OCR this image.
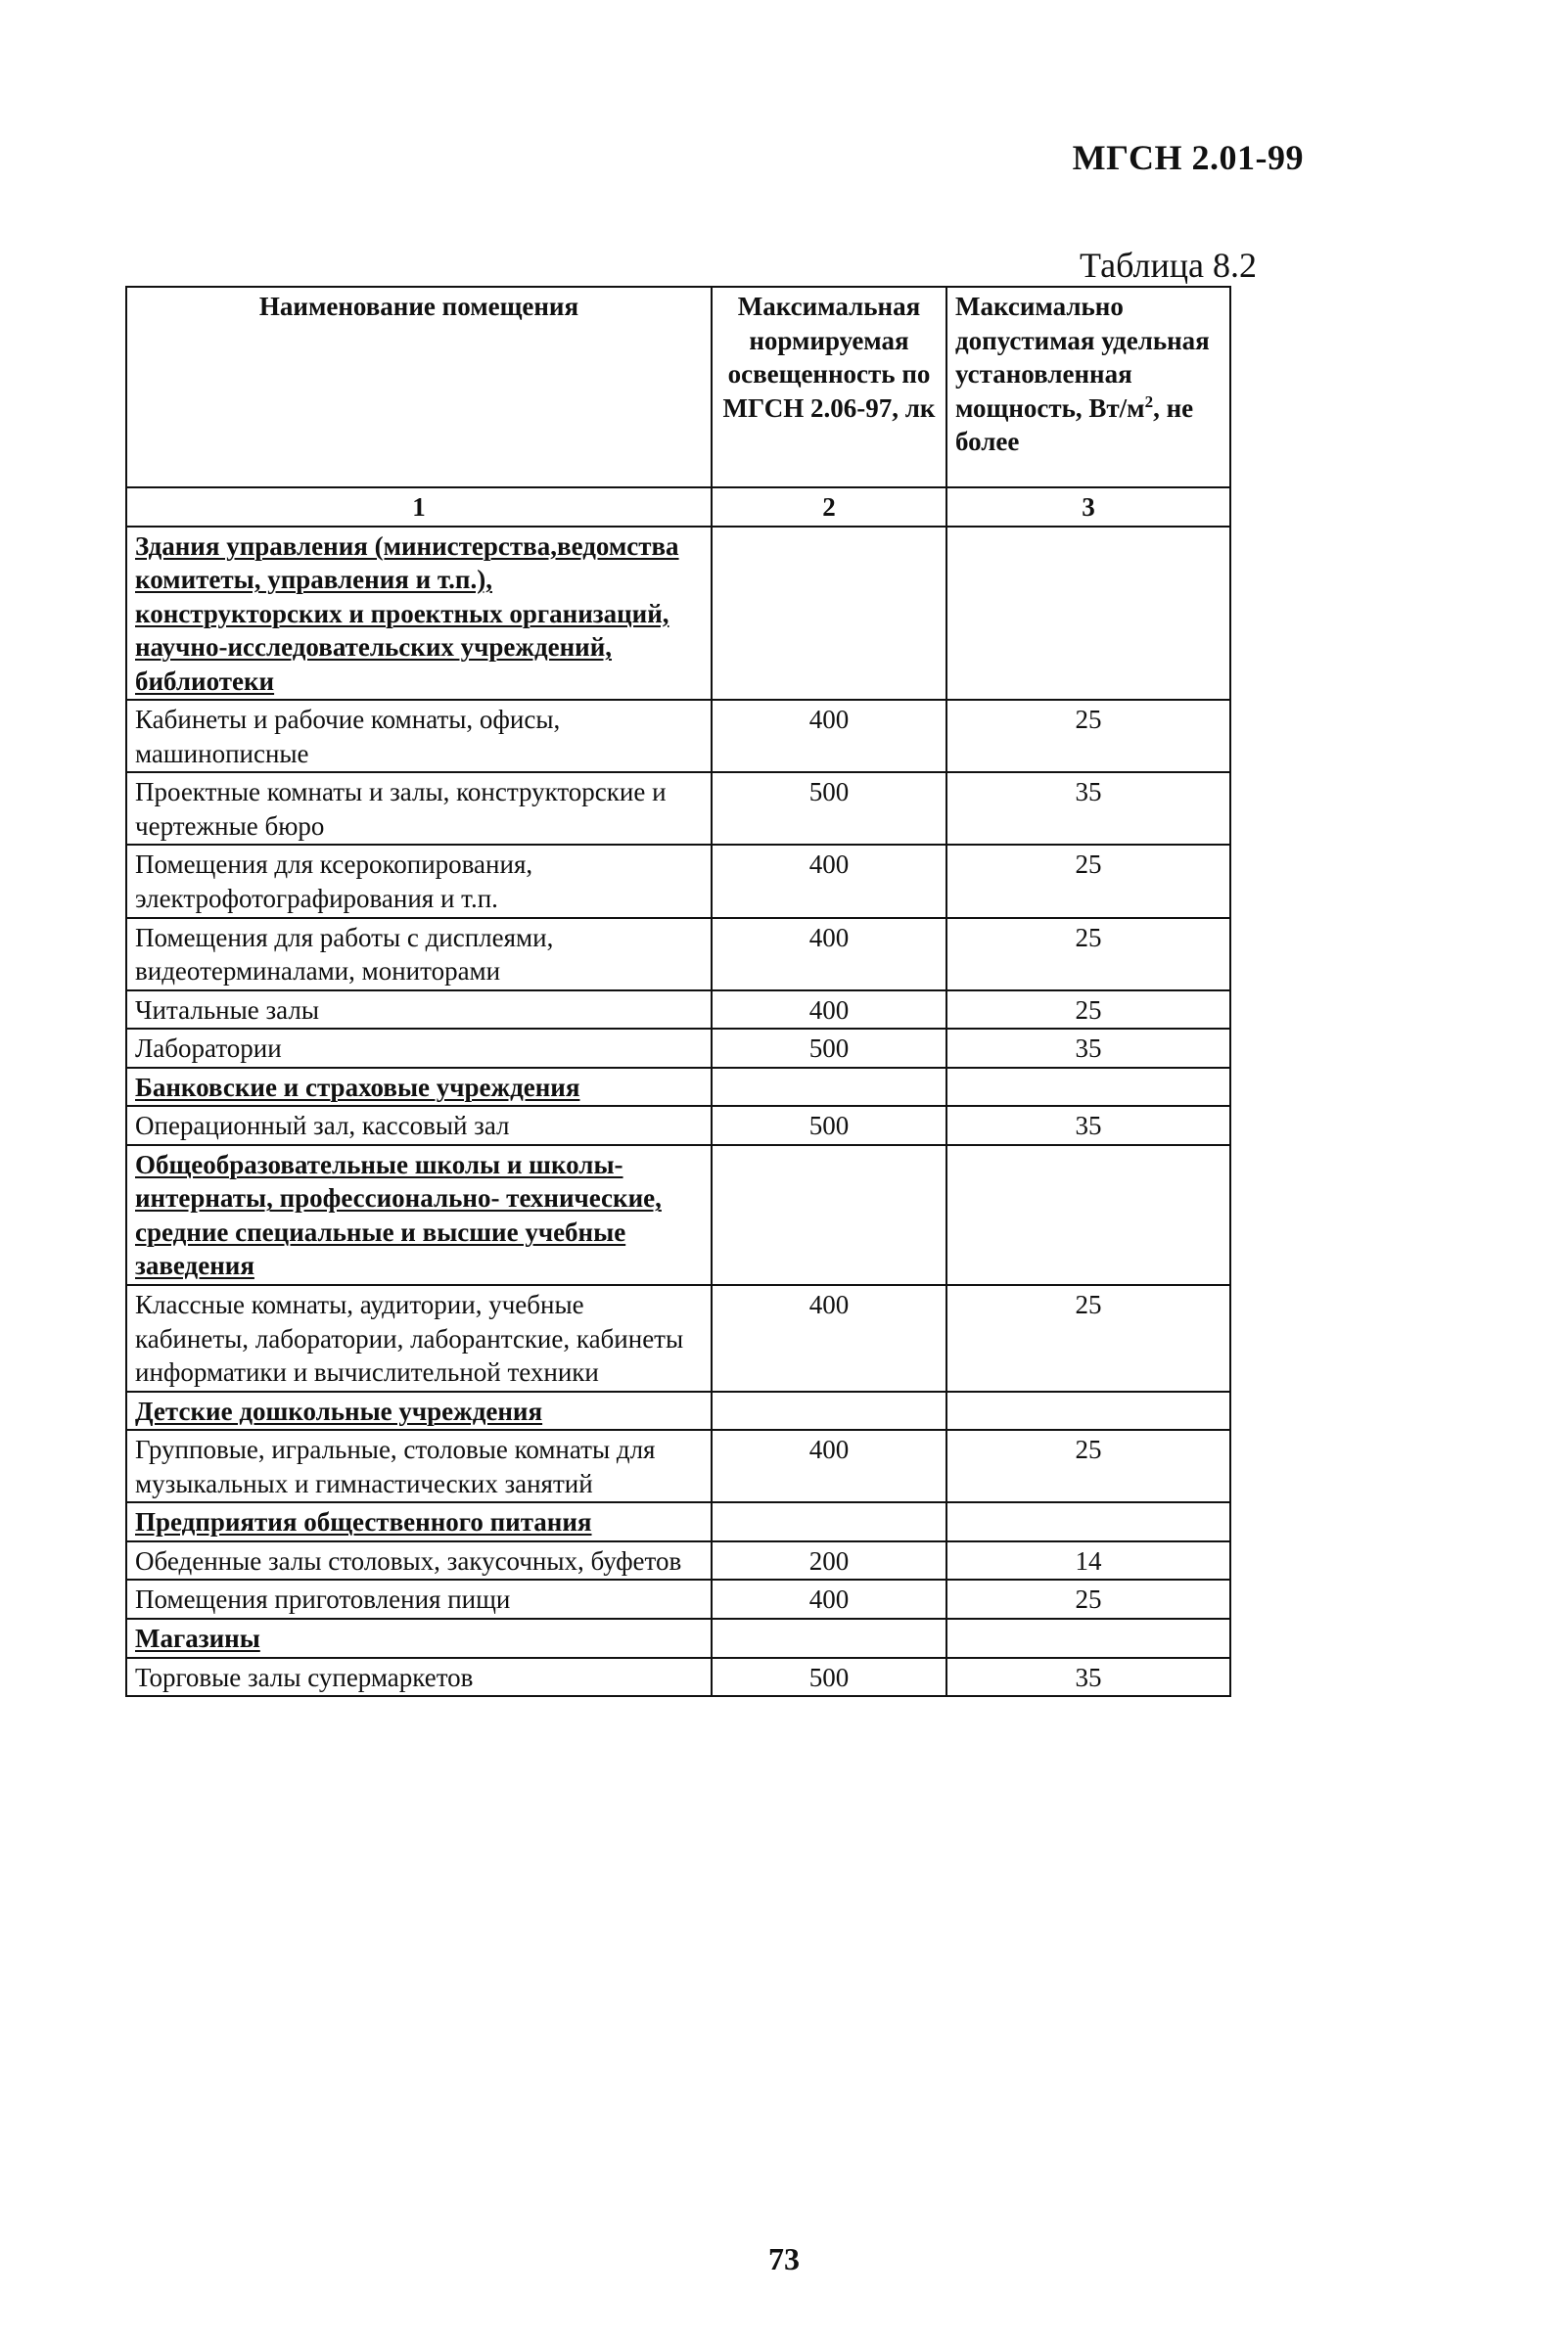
МГСН 2.01-99
Таблица 8.2
Наименование помещения	Максимальная нормируемая освещенность по МГСН 2.06-97, лк	Максимально допустимая удельная установленная мощность, $Вт/м^2$, не более
1	2	3
Здания управления (министерства,ведомства комитеты, управления и т.п.), конструкторских и проектных организаций, научно-исследовательских учреждений, библиотеки		
Кабинеты и рабочие комнаты, офисы, машинописные	400	25
Проектные комнаты и залы, конструкторские и чертежные бюро	500	35
Помещения для ксерокопирования, электрофотографирования и т.п.	400	25
Помещения для работы с дисплеями, видеотерминалами, мониторами	400	25
Читальные залы	400	25
Лаборатории	500	35
Банковские и страховые учреждения		
Операционный зал, кассовый зал	500	35
Общеобразовательные школы и школы-интернаты, профессионально- технические, средние специальные и высшие учебные заведения		
Классные комнаты, аудитории, учебные кабинеты, лаборатории, лаборантские, кабинеты информатики и вычислительной техники	400	25
Детские дошкольные учреждения		
Групповые, игральные, столовые комнаты для музыкальных и гимнастических занятий	400	25
Предприятия общественного питания		
Обеденные залы столовых, закусочных, буфетов	200	14
Помещения приготовления пищи	400	25
Магазины		
Торговые залы супермаркетов	500	35
73
